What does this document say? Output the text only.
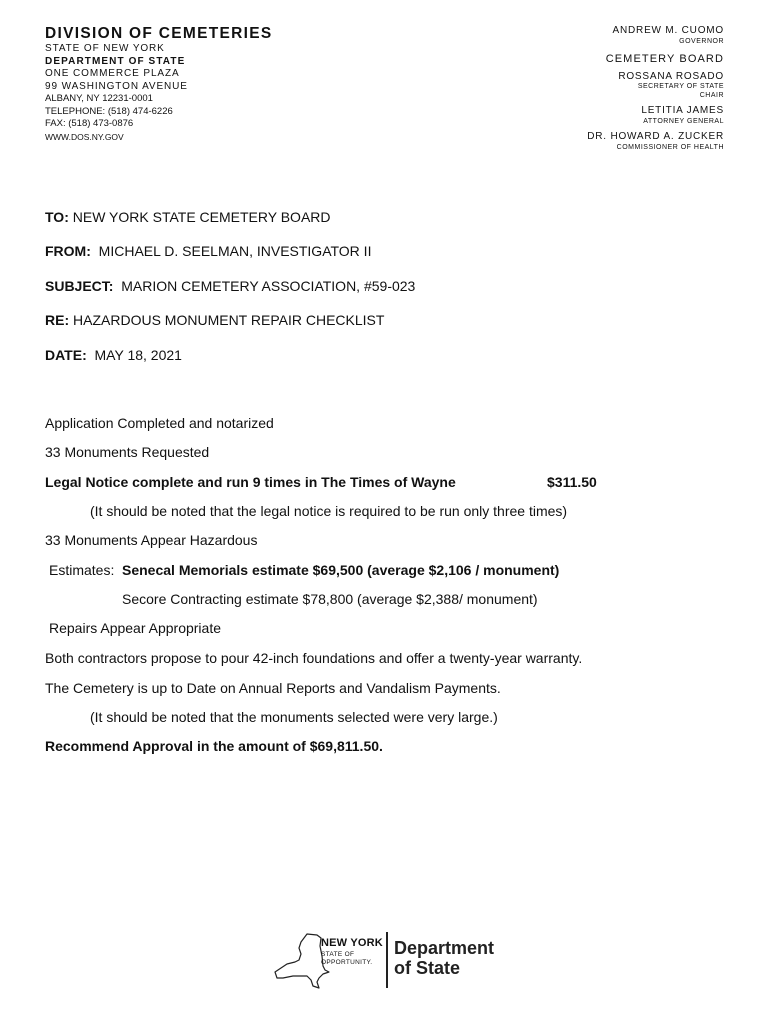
DIVISION OF CEMETERIES
STATE OF NEW YORK
DEPARTMENT OF STATE
ONE COMMERCE PLAZA
99 WASHINGTON AVENUE
ALBANY, NY 12231-0001
TELEPHONE: (518) 474-6226
FAX: (518) 473-0876
WWW.DOS.NY.GOV
ANDREW M. CUOMO
GOVERNOR
CEMETERY BOARD
ROSSANA ROSADO
SECRETARY OF STATE
CHAIR
LETITIA JAMES
ATTORNEY GENERAL
DR. HOWARD A. ZUCKER
COMMISSIONER OF HEALTH
TO: NEW YORK STATE CEMETERY BOARD
FROM:  MICHAEL D. SEELMAN, INVESTIGATOR II
SUBJECT:  MARION CEMETERY ASSOCIATION, #59-023
RE: HAZARDOUS MONUMENT REPAIR CHECKLIST
DATE:  MAY 18, 2021
Application Completed and notarized
33 Monuments Requested
Legal Notice complete and run 9 times in The Times of Wayne	$311.50
(It should be noted that the legal notice is required to be run only three times)
33 Monuments Appear Hazardous
Estimates: Senecal Memorials estimate $69,500 (average $2,106 / monument)
Secore Contracting estimate $78,800 (average $2,388/ monument)
Repairs Appear Appropriate
Both contractors propose to pour 42-inch foundations and offer a twenty-year warranty.
The Cemetery is up to Date on Annual Reports and Vandalism Payments.
(It should be noted that the monuments selected were very large.)
Recommend Approval in the amount of $69,811.50.
NEW YORK
STATE OF
OPPORTUNITY.
Department
of State
